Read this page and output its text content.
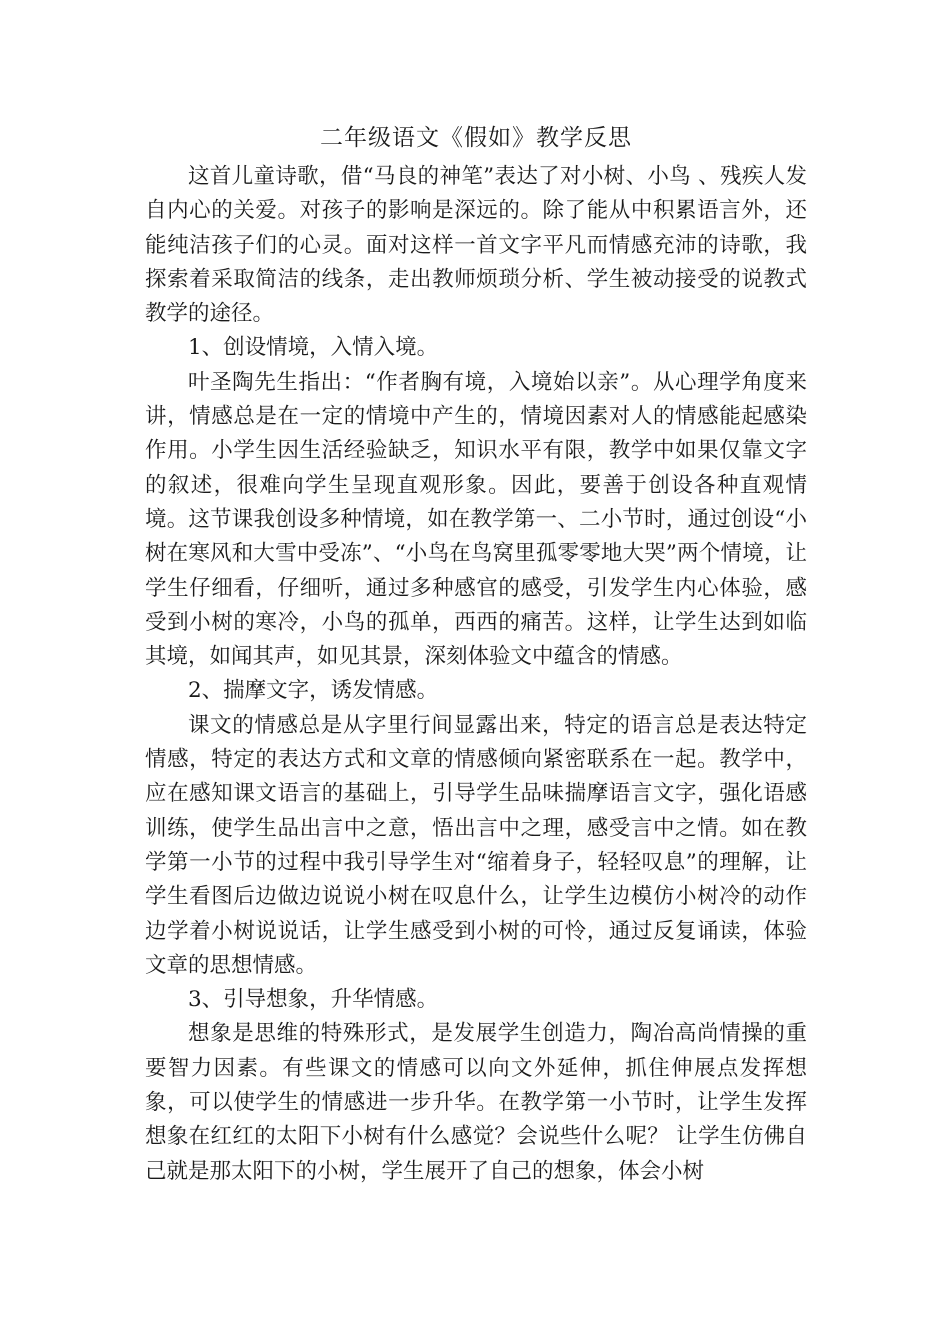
二年级语文《假如》教学反思

这首儿童诗歌，借“马良的神笔”表达了对小树、小鸟 、残疾人发自内心的关爱。对孩子的影响是深远的。除了能从中积累语言外，还能纯洁孩子们的心灵。面对这样一首文字平凡而情感充沛的诗歌，我探索着采取简洁的线条，走出教师烦琐分析、学生被动接受的说教式教学的途径。

1、创设情境，入情入境。

叶圣陶先生指出：“作者胸有境，入境始以亲”。从心理学角度来讲，情感总是在一定的情境中产生的，情境因素对人的情感能起感染作用。小学生因生活经验缺乏，知识水平有限，教学中如果仅靠文字的叙述，很难向学生呈现直观形象。因此，要善于创设各种直观情境。这节课我创设多种情境，如在教学第一、二小节时，通过创设“小树在寒风和大雪中受冻”、“小鸟在鸟窝里孤零零地大哭”两个情境，让学生仔细看，仔细听，通过多种感官的感受，引发学生内心体验，感受到小树的寒冷，小鸟的孤单，西西的痛苦。这样，让学生达到如临其境，如闻其声，如见其景，深刻体验文中蕴含的情感。

2、揣摩文字，诱发情感。

课文的情感总是从字里行间显露出来，特定的语言总是表达特定情感，特定的表达方式和文章的情感倾向紧密联系在一起。教学中，应在感知课文语言的基础上，引导学生品味揣摩语言文字，强化语感训练，使学生品出言中之意，悟出言中之理，感受言中之情。如在教学第一小节的过程中我引导学生对“缩着身子，轻轻叹息”的理解，让学生看图后边做边说说小树在叹息什么，让学生边模仿小树冷的动作边学着小树说说话，让学生感受到小树的可怜，通过反复诵读，体验文章的思想情感。

3、引导想象，升华情感。

想象是思维的特殊形式，是发展学生创造力，陶冶高尚情操的重要智力因素。有些课文的情感可以向文外延伸，抓住伸展点发挥想象，可以使学生的情感进一步升华。在教学第一小节时，让学生发挥想象在红红的太阳下小树有什么感觉？会说些什么呢？ 让学生仿佛自己就是那太阳下的小树，学生展开了自己的想象，体会小树
